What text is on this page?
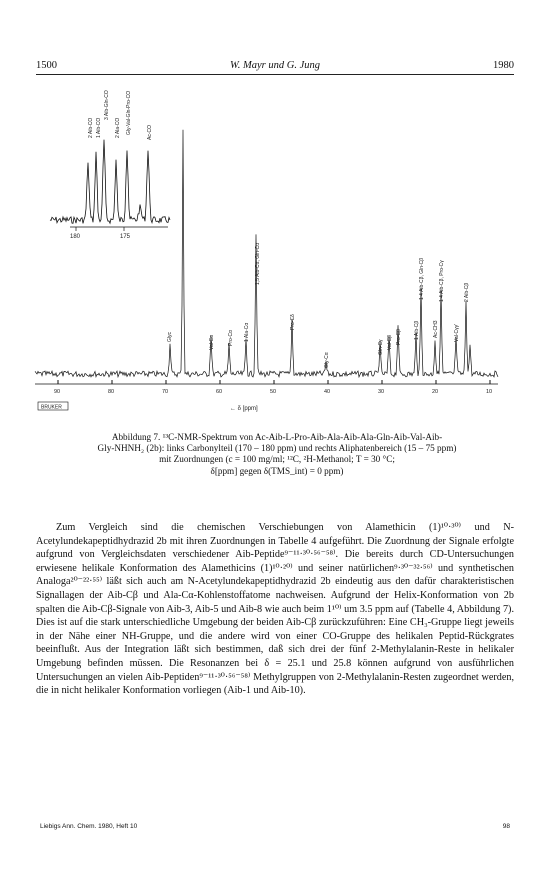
1500	W. Mayr und G. Jung	1980
180	175
2 Aib-CO 1 Aib-CO
3 Aib-Gln-CO
2 Ala-CO Gly-Val-Gln-Pro-CO	Ac-CO
90	80	70	60	50	40	30	20	10
← δ [ppm]
BRUKER
Glyc	Val-Cα	Pro-Cα 1 Ala-Cα
1,5 Aib-Cα, Gln-Cα
Pro-Cδ
Gly-Cα
Gln-Cγ Val-Cβ Pro-Cβ 1 Aib-Cβ
1 4 Aib-Cβ, Gln-Cβ
Ac-CH3
1 4 Aib-Cβ, Pro-Cγ
Val-Cγγ'
2 Aib-Cβ

Abbildung 7. ¹³C-NMR-Spektrum von Ac-Aib-L-Pro-Aib-Ala-Aib-Ala-Gln-Aib-Val-Aib-

Gly-NHNH₂ (2b): links Carbonylteil (170 – 180 ppm) und rechts Aliphatenbereich (15 – 75 ppm)

mit Zuordnungen (c = 100 mg/ml; ¹²C, ²H-Methanol; T = 30 °C;

δ[ppm] gegen δ(TMS_int) = 0 ppm)

Zum Vergleich sind die chemischen Verschiebungen von Alamethicin (1)¹⁰·³⁰⁾ und N-Acetylundekapeptidhydrazid 2b mit ihren Zuordnungen in Tabelle 4 aufgeführt. Die Zuordnung der Signale erfolgte aufgrund von Vergleichsdaten verschiedener Aib-Peptide⁹⁻¹¹·³⁰·⁵⁶⁻⁵⁸⁾. Die bereits durch CD-Untersuchungen erwiesene helikale Konformation des Alamethicins (1)¹⁰·²⁰⁾ und seiner natürlichen⁹·³⁰⁻³²·⁵⁶⁾ und synthetischen Analoga²⁰⁻²²·⁵⁵⁾ läßt sich auch am N-Acetylundekapeptidhydrazid 2b eindeutig aus den dafür charakteristischen Signallagen der Aib-Cβ und Ala-Cα-Kohlenstoffatome nachweisen. Aufgrund der Helix-Konformation von 2b spalten die Aib-Cβ-Signale von Aib-3, Aib-5 und Aib-8 wie auch beim 1¹⁰⁾ um 3.5 ppm auf (Tabelle 4, Abbildung 7). Dies ist auf die stark unterschiedliche Umgebung der beiden Aib-Cβ zurückzuführen: Eine CH₃-Gruppe liegt jeweils in der Nähe einer NH-Gruppe, und die andere wird von einer CO-Gruppe des helikalen Peptid-Rückgrates beeinflußt. Aus der Integration läßt sich bestimmen, daß sich drei der fünf 2-Methylalanin-Reste in helikaler Umgebung befinden müssen. Die Resonanzen bei δ = 25.1 und 25.8 können aufgrund von ausführlichen Untersuchungen an vielen Aib-Peptiden⁹⁻¹¹·³⁰·⁵⁶⁻⁵⁸⁾ Methylgruppen von 2-Methylalanin-Resten zugeordnet werden, die in nicht helikaler Konformation vorliegen (Aib-1 und Aib-10).

Liebigs Ann. Chem. 1980, Heft 10	98
